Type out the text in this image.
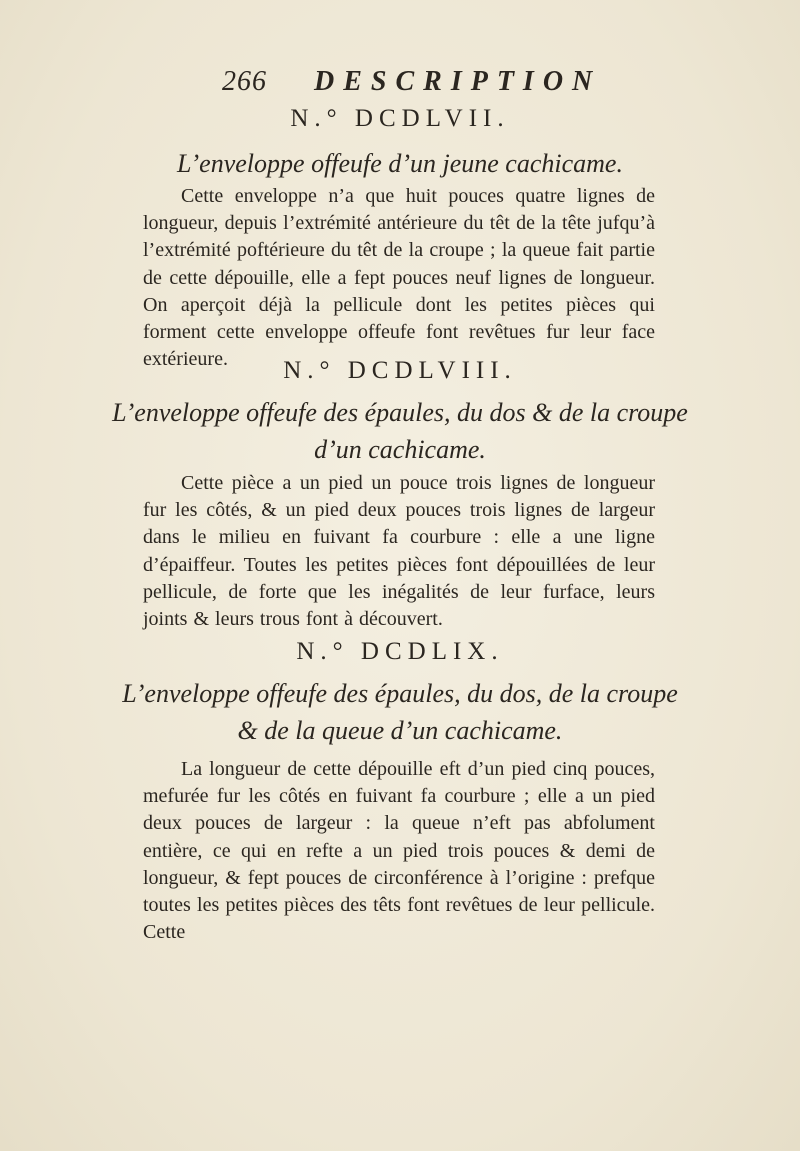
266 DESCRIPTION
N.° DCDLVII.
L’enveloppe offeufe d’un jeune cachicame.
Cette enveloppe n’a que huit pouces quatre lignes de longueur, depuis l’extrémité antérieure du têt de la tête jufqu’à l’extrémité poftérieure du têt de la croupe ; la queue fait partie de cette dépouille, elle a fept pouces neuf lignes de longueur. On aperçoit déjà la pellicule dont les petites pièces qui forment cette enveloppe offeufe font revêtues fur leur face extérieure.	N.° DCDLVIII.
L’enveloppe offeufe des épaules, du dos & de la croupe
d’un cachicame.
Cette pièce a un pied un pouce trois lignes de longueur fur les côtés, & un pied deux pouces trois lignes de largeur dans le milieu en fuivant fa courbure : elle a une ligne d’épaiffeur. Toutes les petites pièces font dépouillées de leur pellicule, de forte que les inégalités de leur furface, leurs joints & leurs trous font à découvert.
N.° DCDLIX.
L’enveloppe offeufe des épaules, du dos, de la croupe
& de la queue d’un cachicame.
La longueur de cette dépouille eft d’un pied cinq pouces, mefurée fur les côtés en fuivant fa courbure ; elle a un pied deux pouces de largeur : la queue n’eft pas abfolument entière, ce qui en refte a un pied trois pouces & demi de longueur, & fept pouces de circonférence à l’origine : prefque toutes les petites pièces des têts font revêtues de leur pellicule. Cette
